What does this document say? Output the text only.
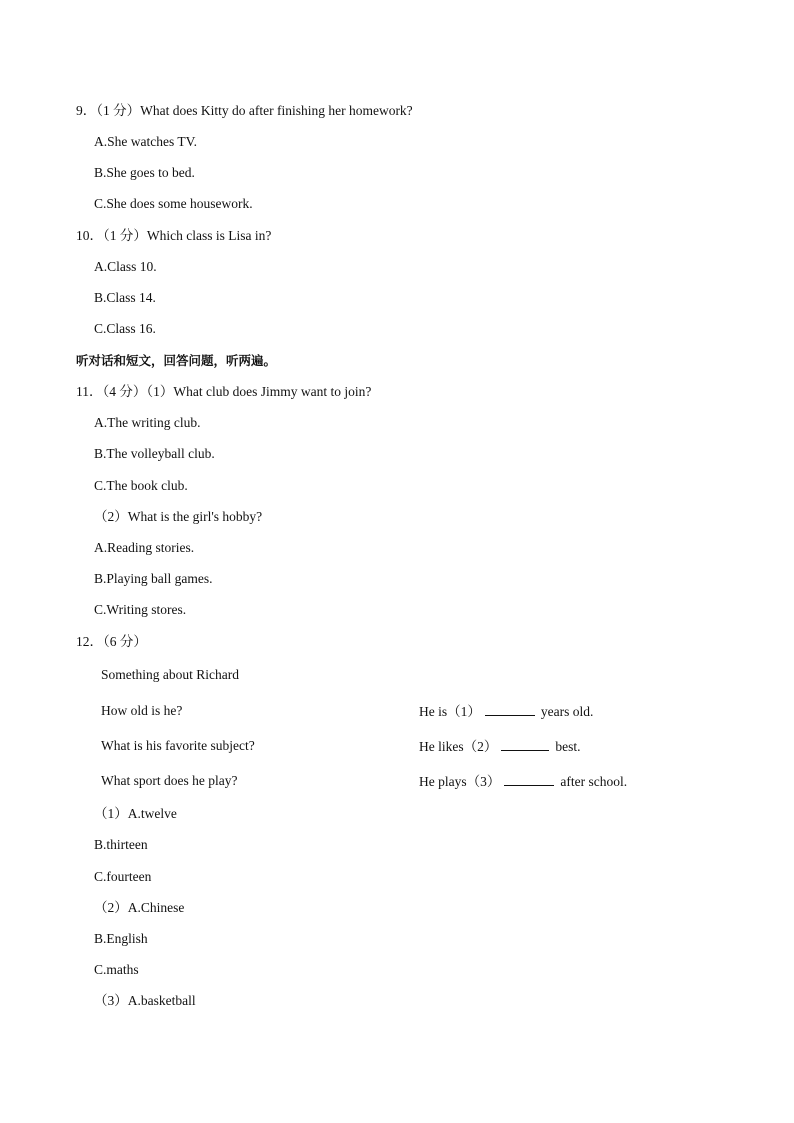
9．（1 分）What does Kitty do after finishing her homework?
A.She watches TV.
B.She goes to bed.
C.She does some housework.
10．（1 分）Which class is Lisa in?
A.Class 10.
B.Class 14.
C.Class 16.
听对话和短文，回答问题，听两遍。
11．（4 分）（1）What club does Jimmy want to join?
A.The writing club.
B.The volleyball club.
C.The book club.
（2）What is the girl's hobby?
A.Reading stories.
B.Playing ball games.
C.Writing stores.
12．（6 分）
Something about Richard
How old is he?	He is（1）	years old.
What is his favorite subject?	He likes（2）	best.
What sport does he play?	He plays（3）	after school.
（1）A.twelve
B.thirteen
C.fourteen
（2）A.Chinese
B.English
C.maths
（3）A.basketball
